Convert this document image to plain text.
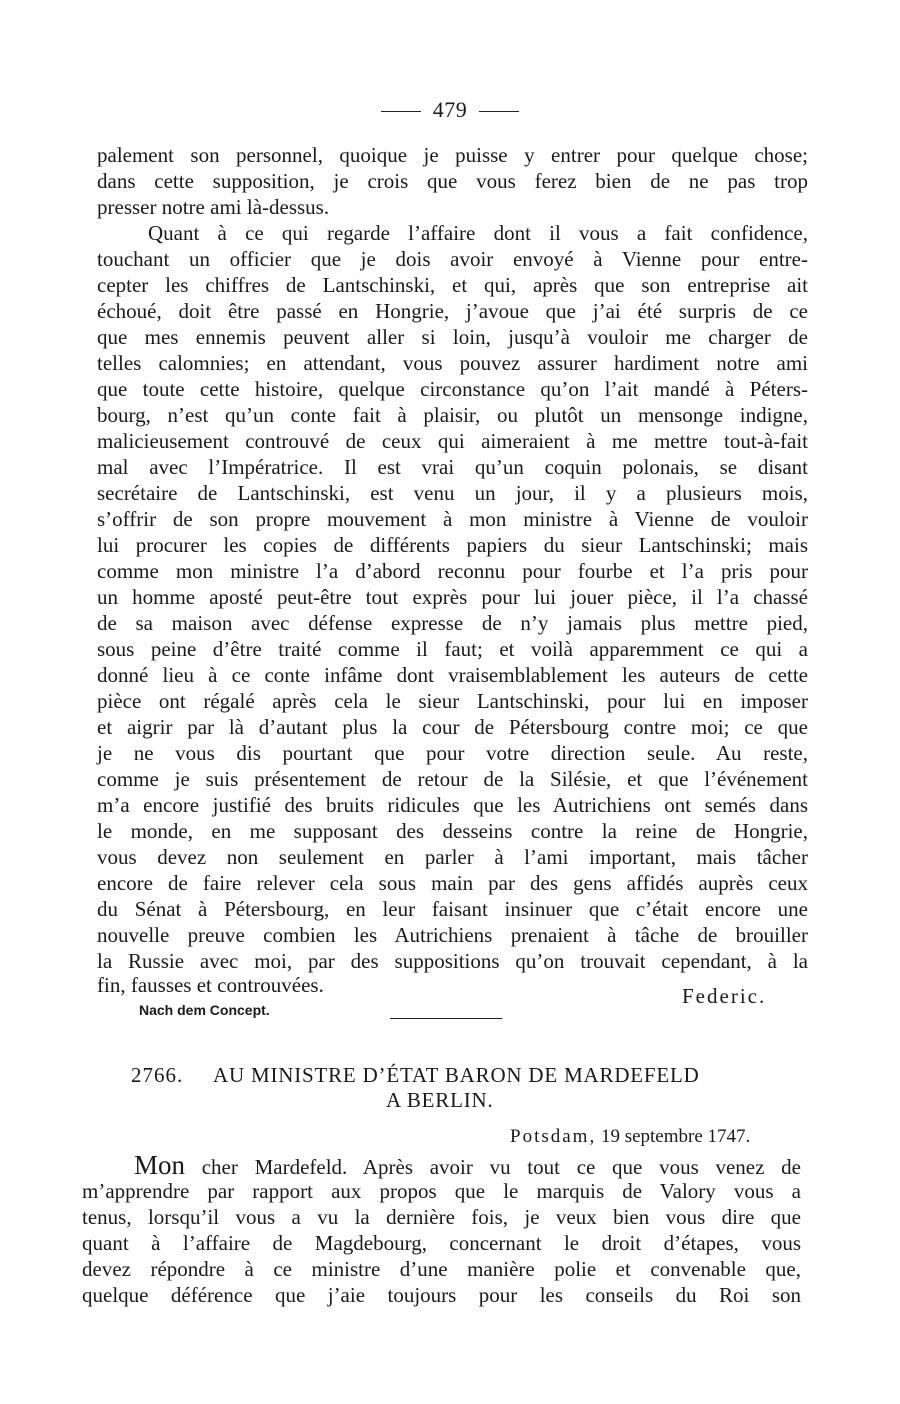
479
palement son personnel, quoique je puisse y entrer pour quelque chose;
dans cette supposition, je crois que vous ferez bien de ne pas trop
presser notre ami là-dessus.
Quant à ce qui regarde l’affaire dont il vous a fait confidence,
touchant un officier que je dois avoir envoyé à Vienne pour entre-
cepter les chiffres de Lantschinski, et qui, après que son entreprise ait
échoué, doit être passé en Hongrie, j’avoue que j’ai été surpris de ce
que mes ennemis peuvent aller si loin, jusqu’à vouloir me charger de
telles calomnies; en attendant, vous pouvez assurer hardiment notre ami
que toute cette histoire, quelque circonstance qu’on l’ait mandé à Péters-
bourg, n’est qu’un conte fait à plaisir, ou plutôt un mensonge indigne,
malicieusement controuvé de ceux qui aimeraient à me mettre tout-à-fait
mal avec l’Impératrice. Il est vrai qu’un coquin polonais, se disant
secrétaire de Lantschinski, est venu un jour, il y a plusieurs mois,
s’offrir de son propre mouvement à mon ministre à Vienne de vouloir
lui procurer les copies de différents papiers du sieur Lantschinski; mais
comme mon ministre l’a d’abord reconnu pour fourbe et l’a pris pour
un homme aposté peut-être tout exprès pour lui jouer pièce, il l’a chassé
de sa maison avec défense expresse de n’y jamais plus mettre pied,
sous peine d’être traité comme il faut; et voilà apparemment ce qui a
donné lieu à ce conte infâme dont vraisemblablement les auteurs de cette
pièce ont régalé après cela le sieur Lantschinski, pour lui en imposer
et aigrir par là d’autant plus la cour de Pétersbourg contre moi; ce que
je ne vous dis pourtant que pour votre direction seule. Au reste,
comme je suis présentement de retour de la Silésie, et que l’événement
m’a encore justifié des bruits ridicules que les Autrichiens ont semés dans
le monde, en me supposant des desseins contre la reine de Hongrie,
vous devez non seulement en parler à l’ami important, mais tâcher
encore de faire relever cela sous main par des gens affidés auprès ceux
du Sénat à Pétersbourg, en leur faisant insinuer que c’était encore une
nouvelle preuve combien les Autrichiens prenaient à tâche de brouiller
la Russie avec moi, par des suppositions qu’on trouvait cependant, à la
fin, fausses et controuvées.	Federic.
Nach dem Concept.
2766. AU MINISTRE D’ÉTAT BARON DE MARDEFELD
A BERLIN.
Potsdam, 19 septembre 1747.
Mon cher Mardefeld. Après avoir vu tout ce que vous venez de
m’apprendre par rapport aux propos que le marquis de Valory vous a
tenus, lorsqu’il vous a vu la dernière fois, je veux bien vous dire que
quant à l’affaire de Magdebourg, concernant le droit d’étapes, vous
devez répondre à ce ministre d’une manière polie et convenable que,
quelque déférence que j’aie toujours pour les conseils du Roi son
